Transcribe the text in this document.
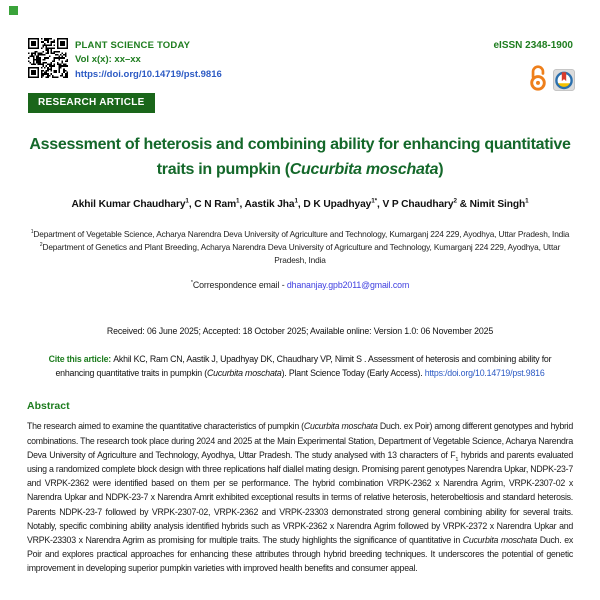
PLANT SCIENCE TODAY
Vol x(x): xx–xx
https://doi.org/10.14719/pst.9816
eISSN 2348-1900
RESEARCH ARTICLE
Assessment of heterosis and combining ability for enhancing quantitative traits in pumpkin (Cucurbita moschata)
Akhil Kumar Chaudhary$^1$, C N Ram$^1$, Aastik Jha$^1$, D K Upadhyay$^{1*}$, V P Chaudhary$^2$ & Nimit Singh$^1$
$^1$Department of Vegetable Science, Acharya Narendra Deva University of Agriculture and Technology, Kumarganj 224 229, Ayodhya, Uttar Pradesh, India
$^2$Department of Genetics and Plant Breeding, Acharya Narendra Deva University of Agriculture and Technology, Kumarganj 224 229, Ayodhya, Uttar Pradesh, India
*Correspondence email - dhananjay.gpb2011@gmail.com
Received: 06 June 2025; Accepted: 18 October 2025; Available online: Version 1.0: 06 November 2025
Cite this article: Akhil KC, Ram CN, Aastik J, Upadhyay DK, Chaudhary VP, Nimit S . Assessment of heterosis and combining ability for enhancing quantitative traits in pumpkin (Cucurbita moschata). Plant Science Today (Early Access). https:/doi.org/10.14719/pst.9816
Abstract

The research aimed to examine the quantitative characteristics of pumpkin (Cucurbita moschata Duch. ex Poir) among different genotypes and hybrid combinations. The research took place during 2024 and 2025 at the Main Experimental Station, Department of Vegetable Science, Acharya Narendra Deva University of Agriculture and Technology, Ayodhya, Uttar Pradesh. The study analysed with 13 characters of $F_1$ hybrids and parents evaluated using a randomized complete block design with three replications half diallel mating design. Promising parent genotypes Narendra Upkar, NDPK-23-7 and VRPK-2362 were identified based on them per se performance. The hybrid combination VRPK-2362 x Narendra Agrim, VRPK-2307-02 x Narendra Upkar and NDPK-23-7 x Narendra Amrit exhibited exceptional results in terms of relative heterosis, heterobeltiosis and standard heterosis. Parents NDPK-23-7 followed by VRPK-2307-02, VRPK-2362 and VRPK-23303 demonstrated strong general combining ability for several traits. Notably, specific combining ability analysis identified hybrids such as VRPK-2362 x Narendra Agrim followed by VRPK-2372 x Narendra Upkar and VRPK-23303 x Narendra Agrim as promising for multiple traits. The study highlights the significance of quantitative in Cucurbita moschata Duch. ex Poir and explores practical approaches for enhancing these attributes through hybrid breeding techniques. It underscores the potential of genetic improvement in developing superior pumpkin varieties with improved health benefits and consumer appeal.
